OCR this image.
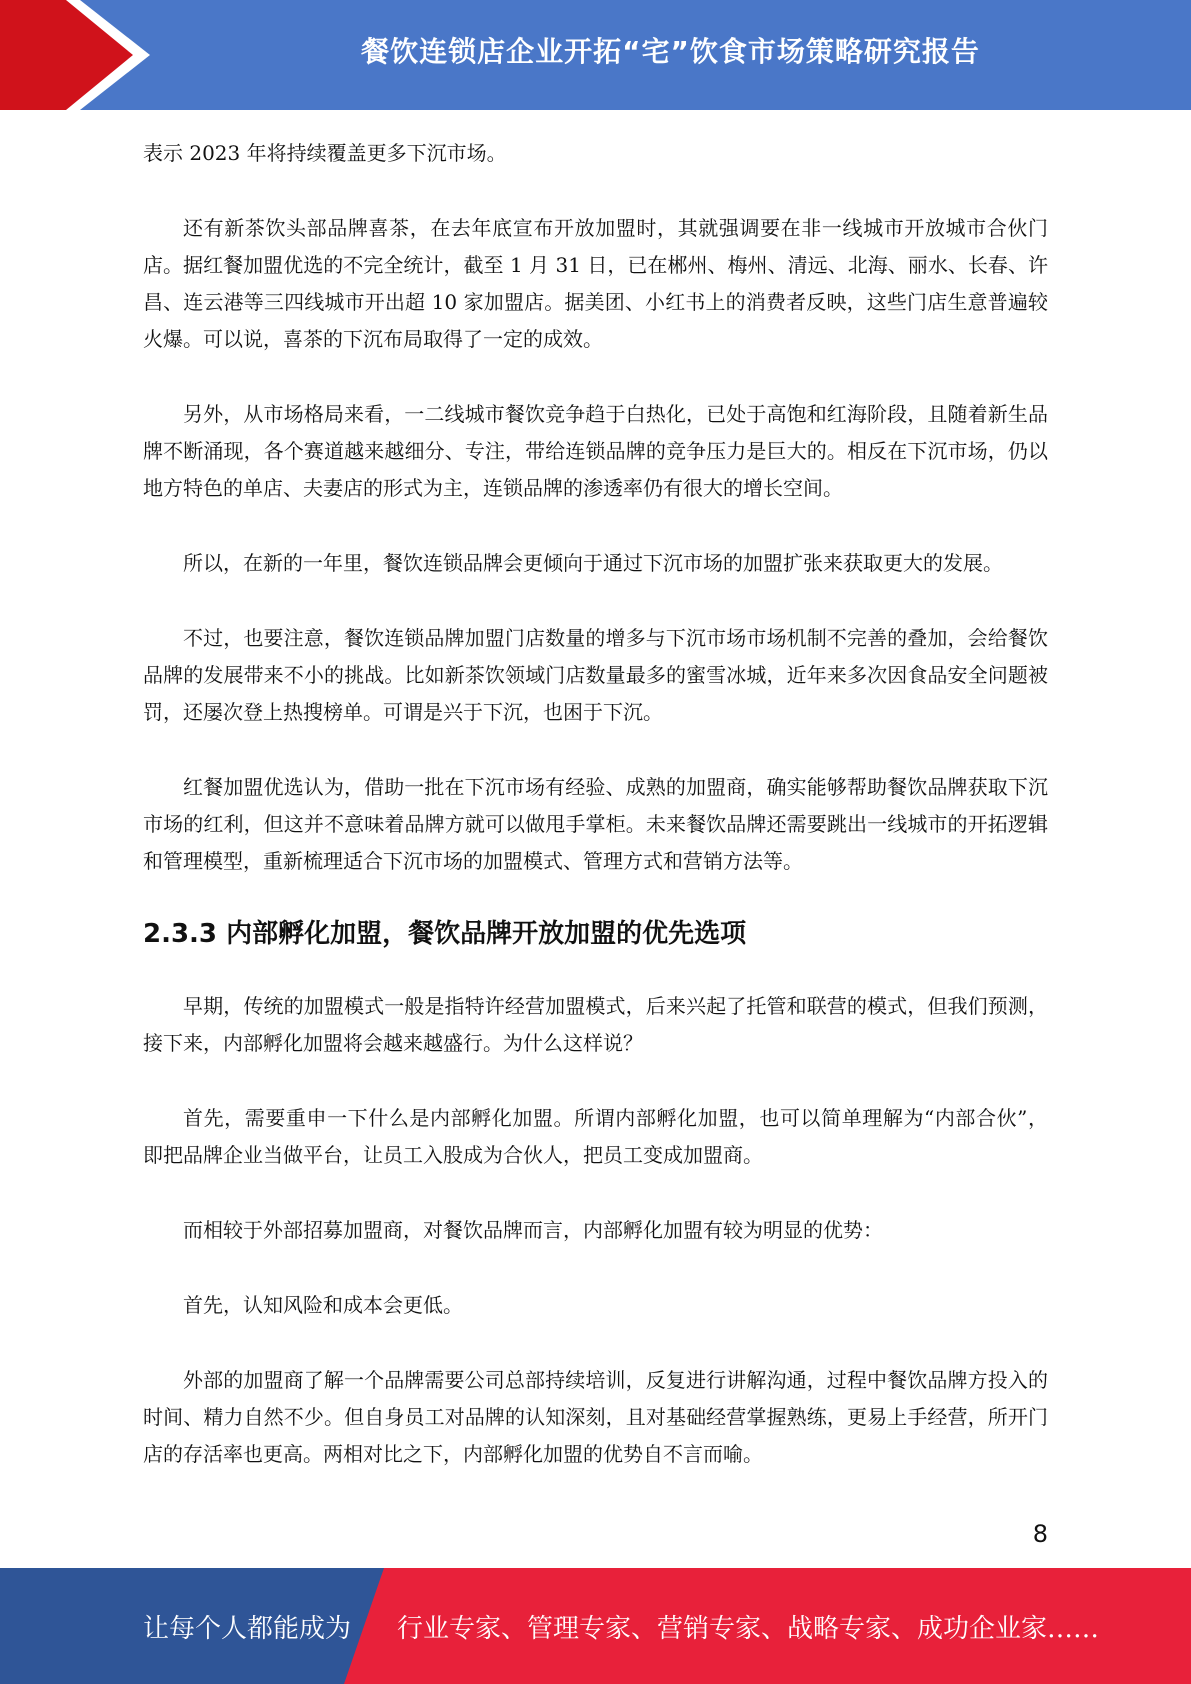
餐饮连锁店企业开拓“宅”饮食市场策略研究报告

表示 2023 年将持续覆盖更多下沉市场。

还有新茶饮头部品牌喜茶，在去年底宣布开放加盟时，其就强调要在非一线城市开放城市合伙门店。据红餐加盟优选的不完全统计，截至 1 月 31 日，已在郴州、梅州、清远、北海、丽水、长春、许昌、连云港等三四线城市开出超 10 家加盟店。据美团、小红书上的消费者反映，这些门店生意普遍较火爆。可以说，喜茶的下沉布局取得了一定的成效。

另外，从市场格局来看，一二线城市餐饮竞争趋于白热化，已处于高饱和红海阶段，且随着新生品牌不断涌现，各个赛道越来越细分、专注，带给连锁品牌的竞争压力是巨大的。相反在下沉市场，仍以地方特色的单店、夫妻店的形式为主，连锁品牌的渗透率仍有很大的增长空间。

所以，在新的一年里，餐饮连锁品牌会更倾向于通过下沉市场的加盟扩张来获取更大的发展。

不过，也要注意，餐饮连锁品牌加盟门店数量的增多与下沉市场市场机制不完善的叠加，会给餐饮品牌的发展带来不小的挑战。比如新茶饮领域门店数量最多的蜜雪冰城，近年来多次因食品安全问题被罚，还屡次登上热搜榜单。可谓是兴于下沉，也困于下沉。

红餐加盟优选认为，借助一批在下沉市场有经验、成熟的加盟商，确实能够帮助餐饮品牌获取下沉市场的红利，但这并不意味着品牌方就可以做甩手掌柜。未来餐饮品牌还需要跳出一线城市的开拓逻辑和管理模型，重新梳理适合下沉市场的加盟模式、管理方式和营销方法等。

2.3.3 内部孵化加盟，餐饮品牌开放加盟的优先选项

早期，传统的加盟模式一般是指特许经营加盟模式，后来兴起了托管和联营的模式，但我们预测，接下来，内部孵化加盟将会越来越盛行。为什么这样说？

首先，需要重申一下什么是内部孵化加盟。所谓内部孵化加盟，也可以简单理解为“内部合伙”， 即把品牌企业当做平台，让员工入股成为合伙人，把员工变成加盟商。

而相较于外部招募加盟商，对餐饮品牌而言，内部孵化加盟有较为明显的优势：

首先，认知风险和成本会更低。

外部的加盟商了解一个品牌需要公司总部持续培训，反复进行讲解沟通，过程中餐饮品牌方投入的时间、精力自然不少。但自身员工对品牌的认知深刻，且对基础经营掌握熟练，更易上手经营，所开门店的存活率也更高。两相对比之下，内部孵化加盟的优势自不言而喻。

8
让每个人都能成为 行业专家、管理专家、营销专家、战略专家、成功企业家……
